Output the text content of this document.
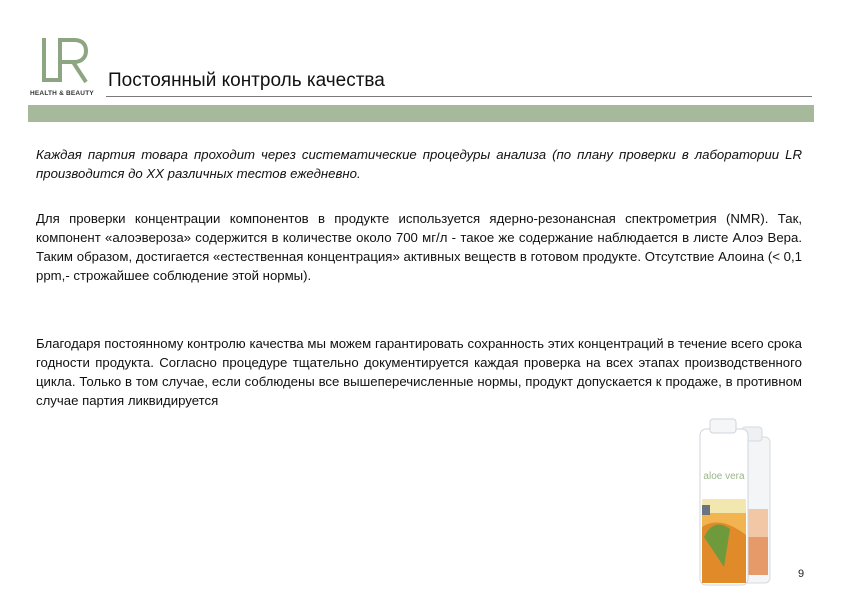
HEALTH & BEAUTY
Постоянный контроль качества

Каждая партия товара проходит через систематические процедуры анализа (по плану проверки в лаборатории LR производится до XX различных тестов ежедневно.

Для проверки концентрации компонентов в продукте используется ядерно-резонансная спектрометрия (NMR). Так, компонент «алоэвероза» содержится в количестве около 700 мг/л - такое же содержание наблюдается в листе Алоэ Вера. Таким образом, достигается «естественная концентрация» активных веществ в готовом продукте. Отсутствие Алоина (< 0,1 ppm,- строжайшее соблюдение этой нормы).

Благодаря постоянному контролю качества мы можем гарантировать сохранность этих концентраций в течение всего срока годности продукта. Согласно процедуре тщательно документируется каждая проверка на всех этапах производственного цикла. Только в том случае, если соблюдены все вышеперечисленные нормы, продукт допускается к продаже, в противном случае партия ликвидируется

aloe vera
9
